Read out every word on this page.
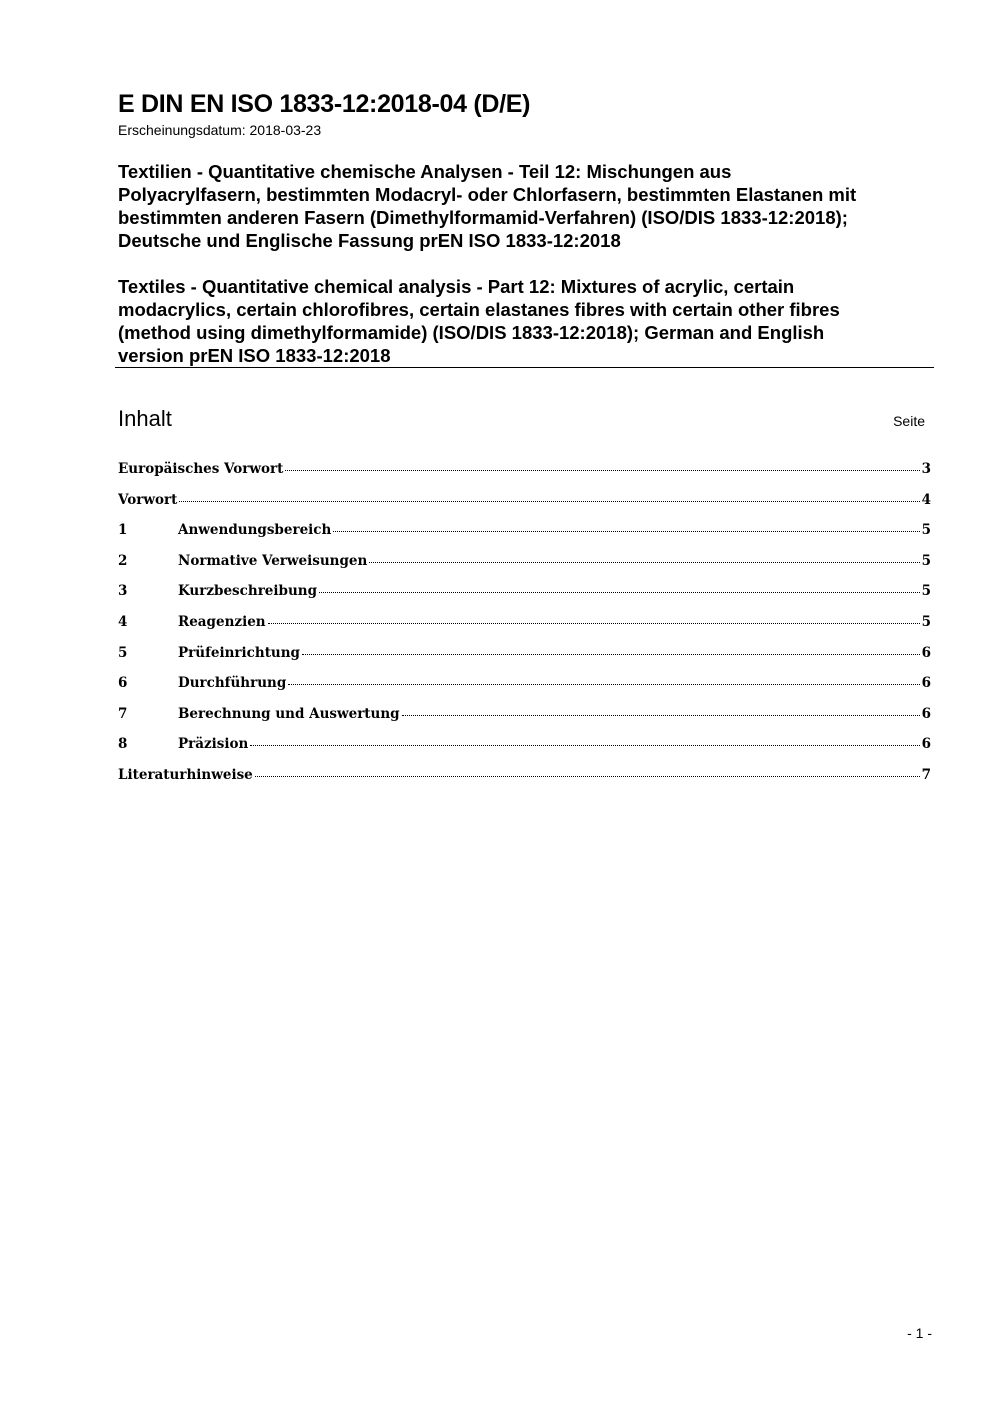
E DIN EN ISO 1833-12:2018-04 (D/E)
Erscheinungsdatum: 2018-03-23
Textilien - Quantitative chemische Analysen - Teil 12: Mischungen aus
Polyacrylfasern, bestimmten Modacryl- oder Chlorfasern, bestimmten Elastanen mit
bestimmten anderen Fasern (Dimethylformamid-Verfahren) (ISO/DIS 1833-12:2018);
Deutsche und Englische Fassung prEN ISO 1833-12:2018
Textiles - Quantitative chemical analysis - Part 12: Mixtures of acrylic, certain
modacrylics, certain chlorofibres, certain elastanes fibres with certain other fibres
(method using dimethylformamide) (ISO/DIS 1833-12:2018); German and English
version prEN ISO 1833-12:2018
Inhalt	Seite
Europäisches Vorwort	3
Vorwort	4
1	Anwendungsbereich	5
2	Normative Verweisungen	5
3	Kurzbeschreibung	5
4	Reagenzien	5
5	Prüfeinrichtung	6
6	Durchführung	6
7	Berechnung und Auswertung	6
8	Präzision	6
Literaturhinweise	7
- 1 -
